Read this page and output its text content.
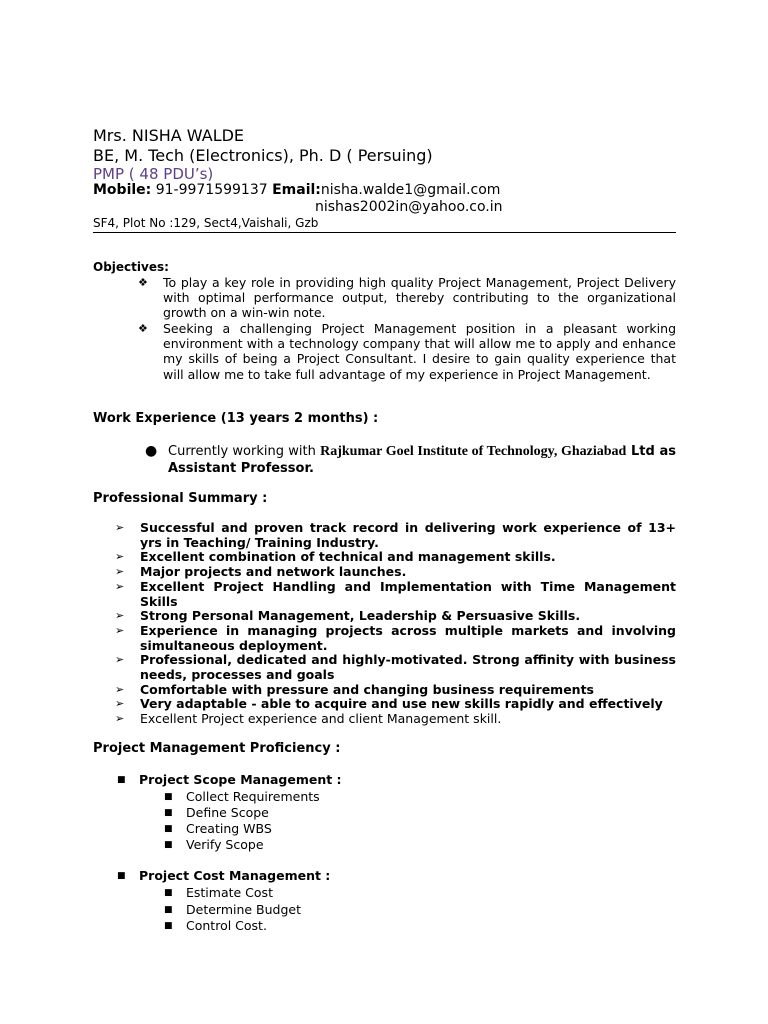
Mrs. NISHA WALDE
BE, M. Tech (Electronics), Ph. D ( Persuing)
PMP ( 48 PDU’s)
Mobile: 91-9971599137 Email:nisha.walde1@gmail.com
nishas2002in@yahoo.co.in
SF4, Plot No :129, Sect4,Vaishali, Gzb
Objectives:
❖	To play a key role in providing high quality Project Management, Project Delivery with optimal performance output, thereby contributing to the organizational growth on a win-win note.
❖	Seeking a challenging Project Management position in a pleasant working environment with a technology company that will allow me to apply and enhance my skills of being a Project Consultant. I desire to gain quality experience that will allow me to take full advantage of my experience in Project Management.
Work Experience (13 years 2 months) :
● Currently working with Rajkumar Goel Institute of Technology, Ghaziabad Ltd as Assistant Professor.
Professional Summary :
➢ Successful and proven track record in delivering work experience of 13+ yrs in Teaching/ Training Industry.
➢ Excellent combination of technical and management skills.
➢ Major projects and network launches.
➢ Excellent Project Handling and Implementation with Time Management Skills
➢ Strong Personal Management, Leadership & Persuasive Skills.
➢ Experience in managing projects across multiple markets and involving simultaneous deployment.
➢ Professional, dedicated and highly-motivated. Strong affinity with business needs, processes and goals
➢ Comfortable with pressure and changing business requirements
➢ Very adaptable - able to acquire and use new skills rapidly and effectively
➢ Excellent Project experience and client Management skill.
Project Management Proficiency :
■ Project Scope Management :
■ Collect Requirements
■ Define Scope
■ Creating WBS
■ Verify Scope
■ Project Cost Management :
■ Estimate Cost
■ Determine Budget
■ Control Cost.
